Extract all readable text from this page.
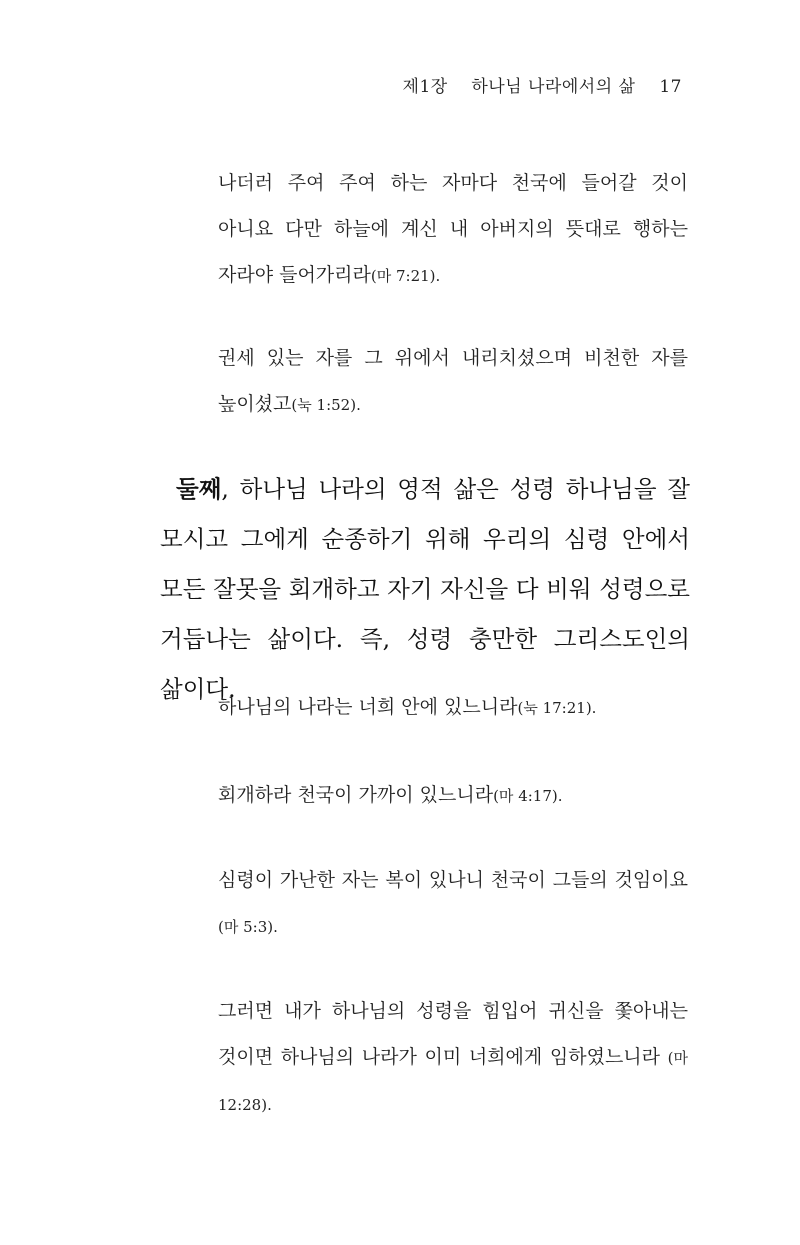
제1장 하나님 나라에서의 삶 17
나더러 주여 주여 하는 자마다 천국에 들어갈 것이 아니요 다만 하늘에 계신 내 아버지의 뜻대로 행하는 자라야 들어가리라(마 7:21).
권세 있는 자를 그 위에서 내리치셨으며 비천한 자를 높이셨고(눅 1:52).
둘째, 하나님 나라의 영적 삶은 성령 하나님을 잘 모시고 그에게 순종하기 위해 우리의 심령 안에서 모든 잘못을 회개하고 자기 자신을 다 비워 성령으로 거듭나는 삶이다. 즉, 성령 충만한 그리스도인의 삶이다.
하나님의 나라는 너희 안에 있느니라(눅 17:21).
회개하라 천국이 가까이 있느니라(마 4:17).
심령이 가난한 자는 복이 있나니 천국이 그들의 것임이요 (마 5:3).
그러면 내가 하나님의 성령을 힘입어 귀신을 쫓아내는 것이면 하나님의 나라가 이미 너희에게 임하였느니라 (마 12:28).
